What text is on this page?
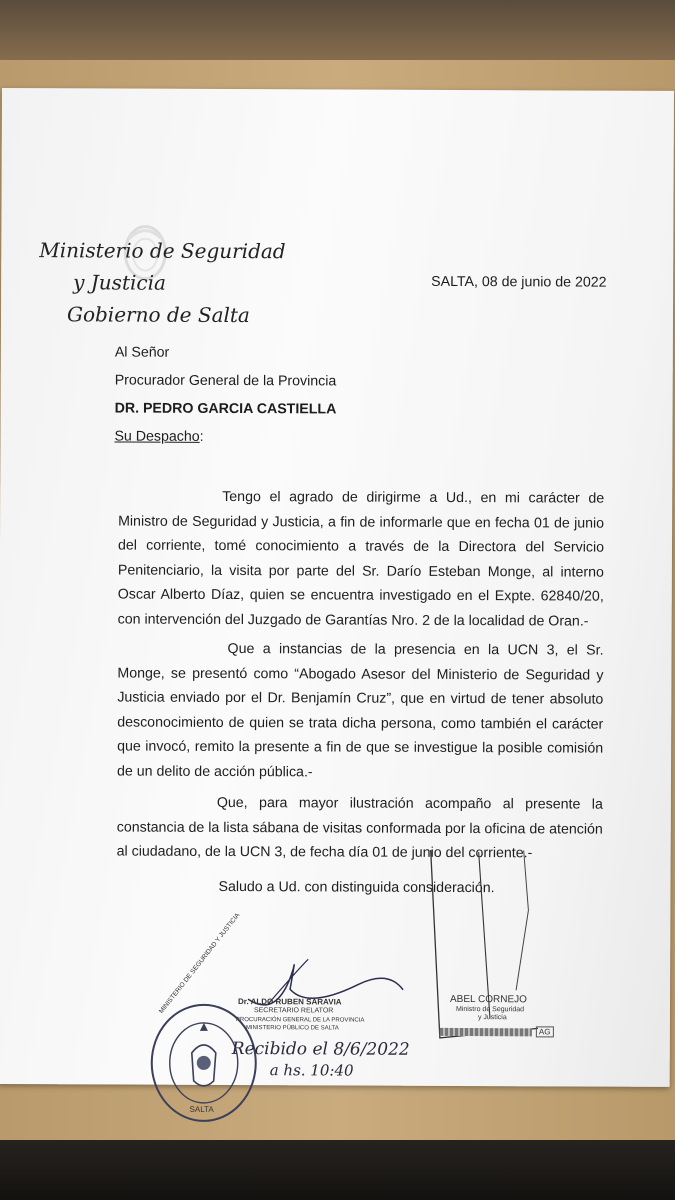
Ministerio de Seguridad
y Justicia
Gobierno de Salta
SALTA, 08 de junio de 2022
Al Señor
Procurador General de la Provincia
DR. PEDRO GARCIA CASTIELLA
Su Despacho:
Tengo el agrado de dirigirme a Ud., en mi carácter de Ministro de Seguridad y Justicia, a fin de informarle que en fecha 01 de junio del corriente, tomé conocimiento a través de la Directora del Servicio Penitenciario, la visita por parte del Sr. Darío Esteban Monge, al interno Oscar Alberto Díaz, quien se encuentra investigado en el Expte. 62840/20, con intervención del Juzgado de Garantías Nro. 2 de la localidad de Oran.-
Que a instancias de la presencia en la UCN 3, el Sr. Monge, se presentó como “Abogado Asesor del Ministerio de Seguridad y Justicia enviado por el Dr. Benjamín Cruz”, que en virtud de tener absoluto desconocimiento de quien se trata dicha persona, como también el carácter que invocó, remito la presente a fin de que se investigue la posible comisión de un delito de acción pública.-
Que, para mayor ilustración acompaño al presente la constancia de la lista sábana de visitas conformada por la oficina de atención al ciudadano, de la UCN 3, de fecha día 01 de junio del corriente.-
Saludo a Ud. con distinguida consideración.
MINISTERIO DE SEGURIDAD Y JUSTICIA
SALTA
Dr. ALDO RUBEN SARAVIA
SECRETARIO RELATOR
PROCURACIÓN GENERAL DE LA PROVINCIA
MINISTERIO PÚBLICO DE SALTA
ABEL CORNEJO
Ministro de Seguridad
y Justicia
AG
Recibido el 8/6/2022
a hs. 10:40
